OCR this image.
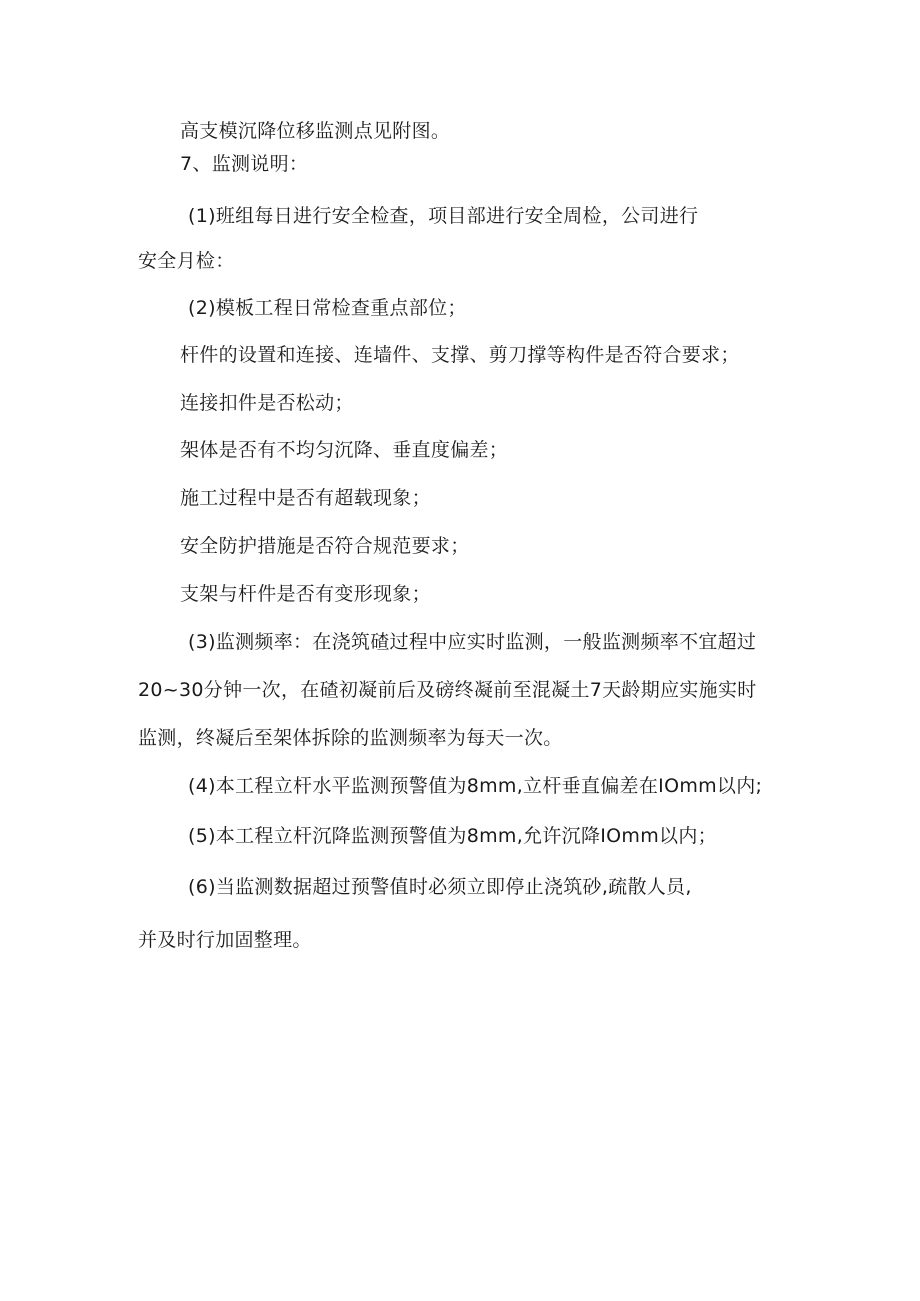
高支模沉降位移监测点见附图。
7、监测说明：
(1)班组每日进行安全检查，项目部进行安全周检，公司进行
安全月检：
(2)模板工程日常检查重点部位；
杆件的设置和连接、连墙件、支撑、剪刀撑等构件是否符合要求；
连接扣件是否松动；
架体是否有不均匀沉降、垂直度偏差；
施工过程中是否有超载现象；
安全防护措施是否符合规范要求；
支架与杆件是否有变形现象；
(3)监测频率：在浇筑碴过程中应实时监测，一般监测频率不宜超过
20~30分钟一次，在碴初凝前后及磅终凝前至混凝土7天龄期应实施实时
监测，终凝后至架体拆除的监测频率为每天一次。
(4)本工程立杆水平监测预警值为8mm,立杆垂直偏差在IOmm以内;
(5)本工程立杆沉降监测预警值为8mm,允许沉降IOmm以内；
(6)当监测数据超过预警值时必须立即停止浇筑砂,疏散人员,
并及时行加固整理。
